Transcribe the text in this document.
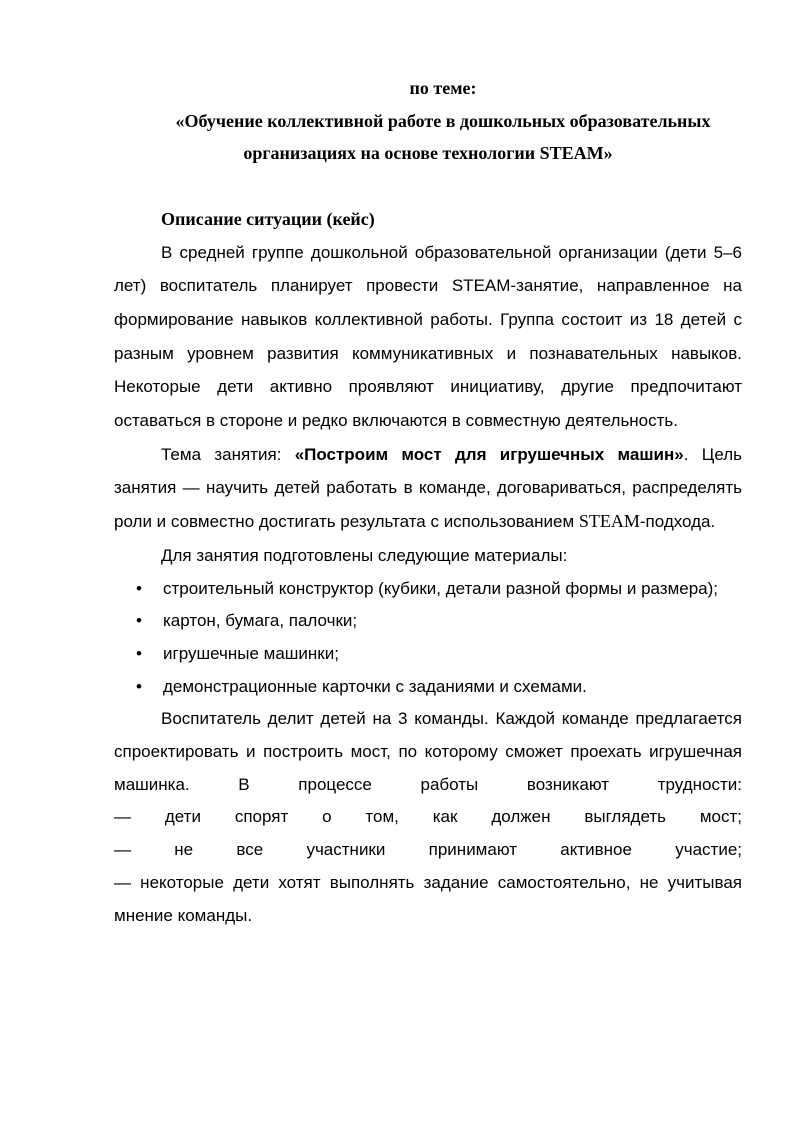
по теме:

«Обучение коллективной работе в дошкольных образовательных

организациях на основе технологии STEAM»

Описание ситуации (кейс)

В средней группе дошкольной образовательной организации (дети 5–6 лет) воспитатель планирует провести STEAM-занятие, направленное на формирование навыков коллективной работы. Группа состоит из 18 детей с разным уровнем развития коммуникативных и познавательных навыков. Некоторые дети активно проявляют инициативу, другие предпочитают оставаться в стороне и редко включаются в совместную деятельность.

Тема занятия: «Построим мост для игрушечных машин». Цель занятия — научить детей работать в команде, договариваться, распределять роли и совместно достигать результата с использованием STEAM-подхода.

Для занятия подготовлены следующие материалы:

• строительный конструктор (кубики, детали разной формы и размера);
• картон, бумага, палочки;
• игрушечные машинки;
• демонстрационные карточки с заданиями и схемами.
Воспитатель делит детей на 3 команды. Каждой команде предлагается
спроектировать и построить мост, по которому сможет проехать игрушечная
машинка. В процессе работы возникают трудности:
— дети спорят о том, как должен выглядеть мост;
— не все участники принимают активное участие;
— некоторые дети хотят выполнять задание самостоятельно, не учитывая
мнение команды.
